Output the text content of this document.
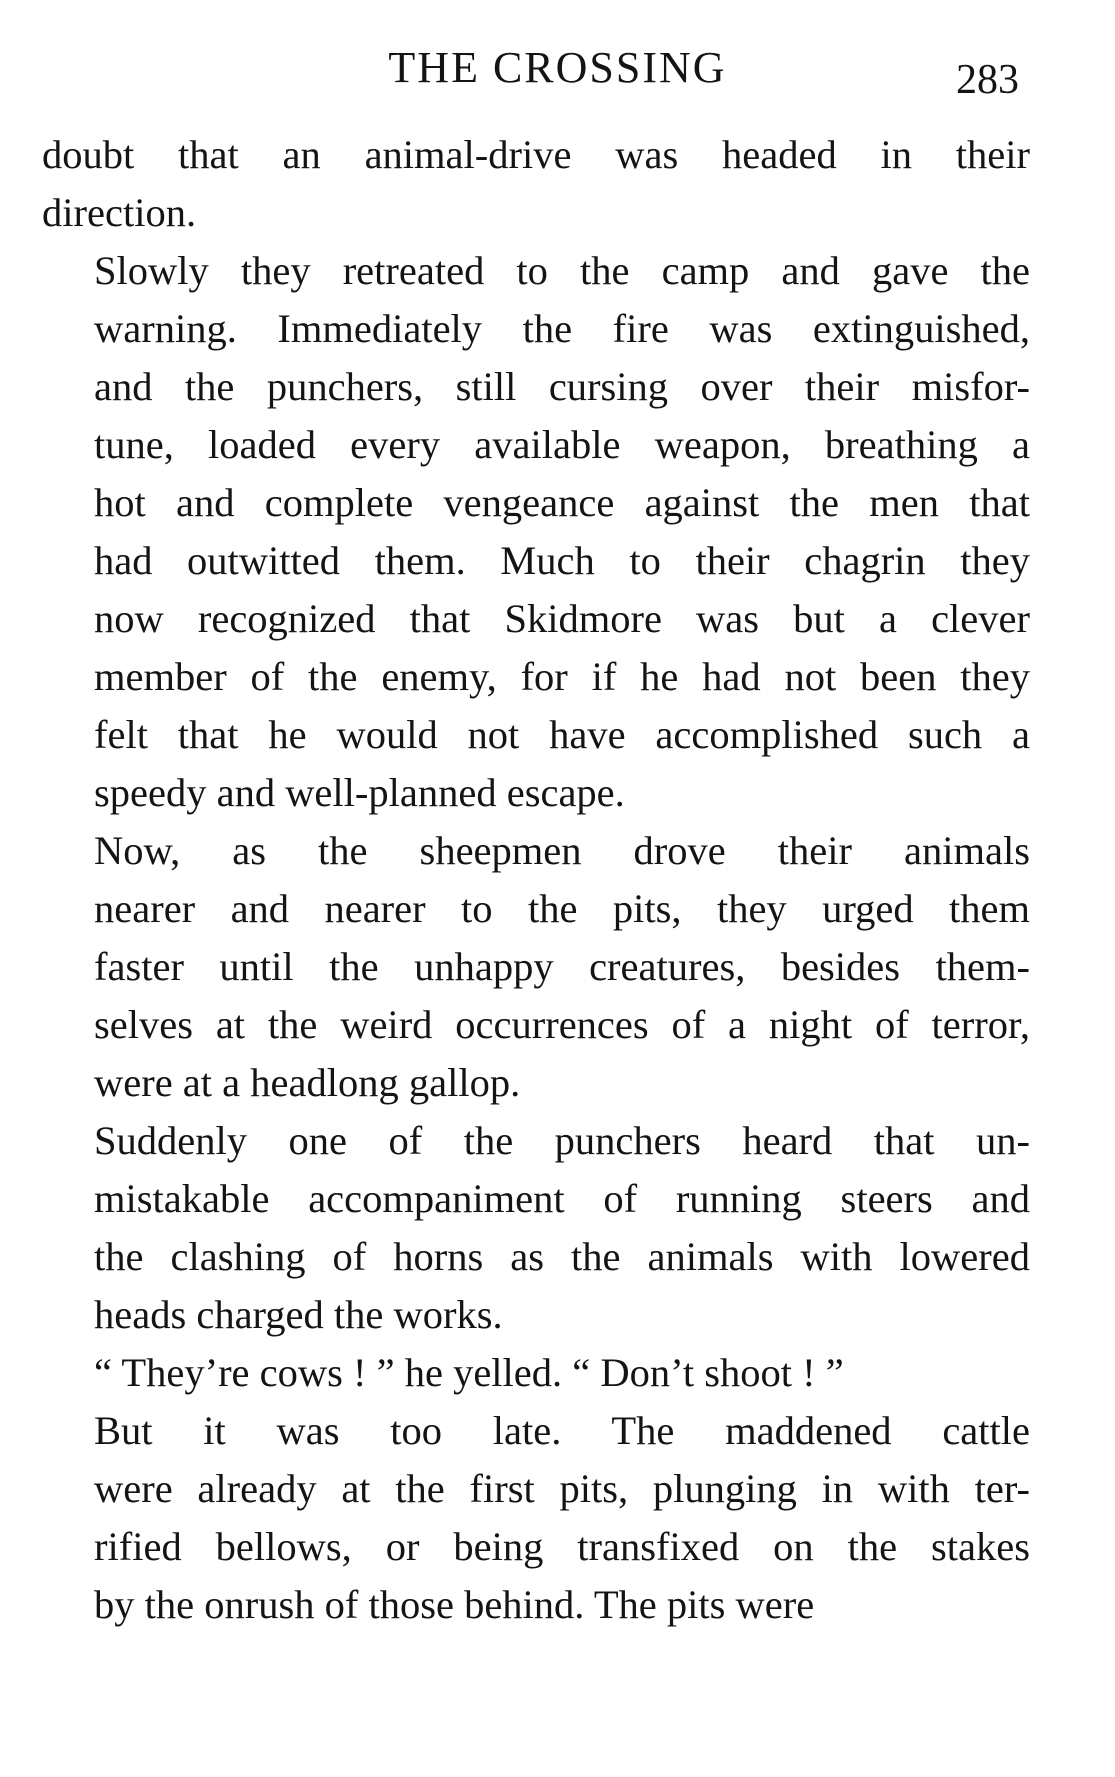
THE CROSSING	283

doubt that an animal-drive was headed in their
direction.

Slowly they retreated to the camp and gave the
warning. Immediately the fire was extinguished,
and the punchers, still cursing over their misfor-
tune, loaded every available weapon, breathing a
hot and complete vengeance against the men that
had outwitted them. Much to their chagrin they
now recognized that Skidmore was but a clever
member of the enemy, for if he had not been they
felt that he would not have accomplished such a
speedy and well-planned escape.

Now, as the sheepmen drove their animals
nearer and nearer to the pits, they urged them
faster until the unhappy creatures, besides them-
selves at the weird occurrences of a night of terror,
were at a headlong gallop.

Suddenly one of the punchers heard that un-
mistakable accompaniment of running steers and
the clashing of horns as the animals with lowered
heads charged the works.

“ They’re cows ! ” he yelled. “ Don’t shoot ! ”

But it was too late. The maddened cattle
were already at the first pits, plunging in with ter-
rified bellows, or being transfixed on the stakes
by the onrush of those behind. The pits were
